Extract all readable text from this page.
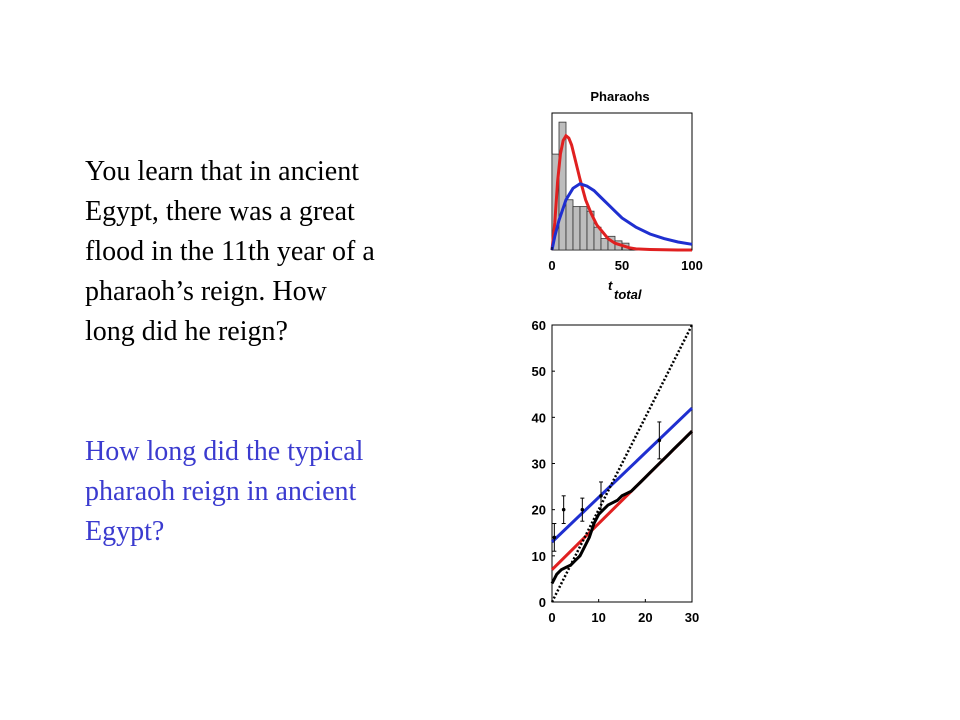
You learn that in ancient
Egypt, there was a great
flood in the 11th year of a
pharaoh’s reign. How
long did he reign?
How long did the typical
pharaoh reign in ancient
Egypt?
Pharaohs
0	50	100
t
total
0
10
20
30
40
50
60
0	10 20 30
